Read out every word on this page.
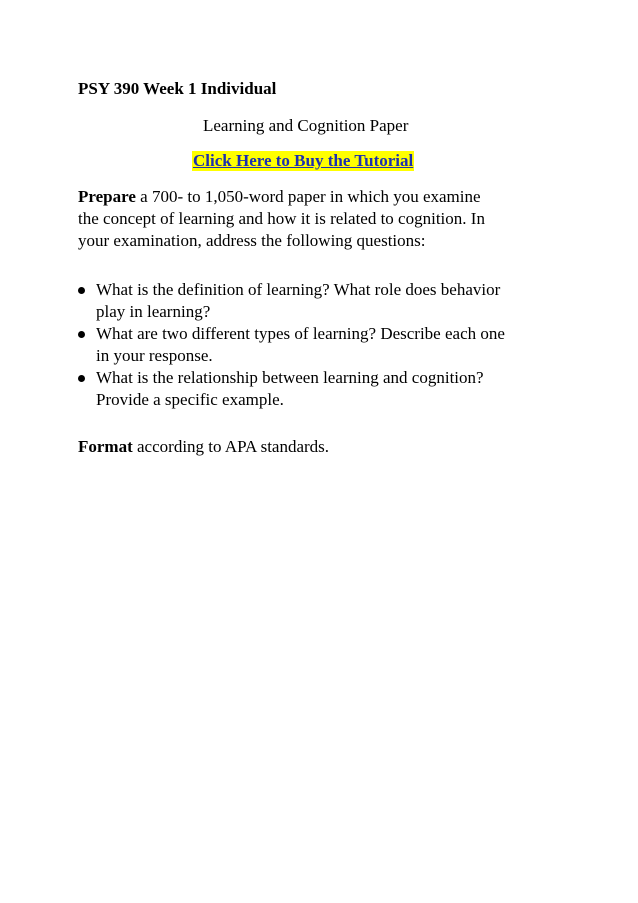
PSY 390 Week 1 Individual
Learning and Cognition Paper
Click Here to Buy the Tutorial
Prepare a 700- to 1,050-word paper in which you examine
the concept of learning and how it is related to cognition. In
your examination, address the following questions:
What is the definition of learning? What role does behavior
play in learning?
What are two different types of learning? Describe each one
in your response.
What is the relationship between learning and cognition?
Provide a specific example.
Format according to APA standards.
